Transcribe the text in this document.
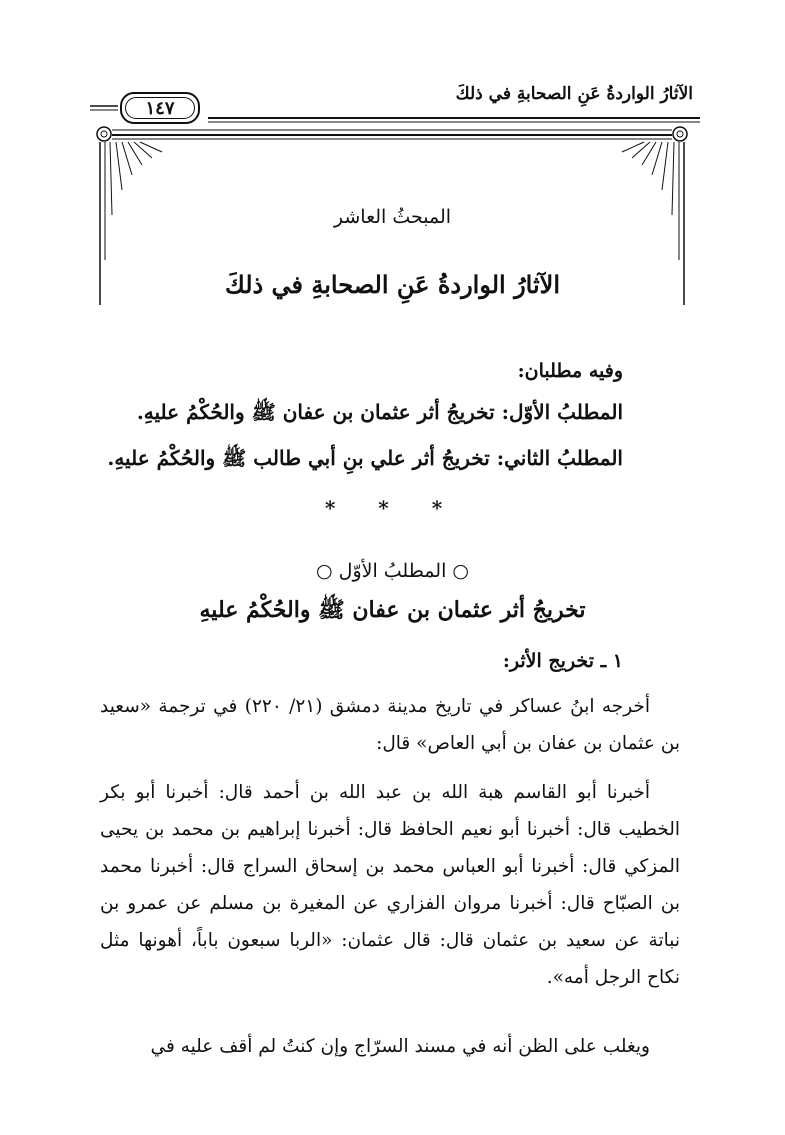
الآثارُ الواردةُ عَنِ الصحابةِ في ذلكَ
١٤٧
المبحثُ العاشر
الآثارُ الواردةُ عَنِ الصحابةِ في ذلكَ
وفيه مطلبان:
المطلبُ الأوّل: تخريجُ أثر عثمان بن عفان ﷺ والحُكْمُ عليهِ.
المطلبُ الثاني: تخريجُ أثر علي بنِ أبي طالب ﷺ والحُكْمُ عليهِ.
* * *
○ المطلبُ الأوّل ○
تخريجُ أثر عثمان بن عفان ﷺ والحُكْمُ عليهِ
١ ـ تخريج الأثر:
أخرجه ابنُ عساكر في تاريخ مدينة دمشق (٢١/ ٢٢٠) في ترجمة «سعيد بن عثمان بن عفان بن أبي العاص» قال:
أخبرنا أبو القاسم هبة الله بن عبد الله بن أحمد قال: أخبرنا أبو بكر الخطيب قال: أخبرنا أبو نعيم الحافظ قال: أخبرنا إبراهيم بن محمد بن يحيى المزكي قال: أخبرنا أبو العباس محمد بن إسحاق السراج قال: أخبرنا محمد بن الصبّاح قال: أخبرنا مروان الفزاري عن المغيرة بن مسلم عن عمرو بن نباتة عن سعيد بن عثمان قال: قال عثمان: «الربا سبعون باباً، أهونها مثل نكاح الرجل أمه».
ويغلب على الظن أنه في مسند السرّاج وإن كنتُ لم أقف عليه في
